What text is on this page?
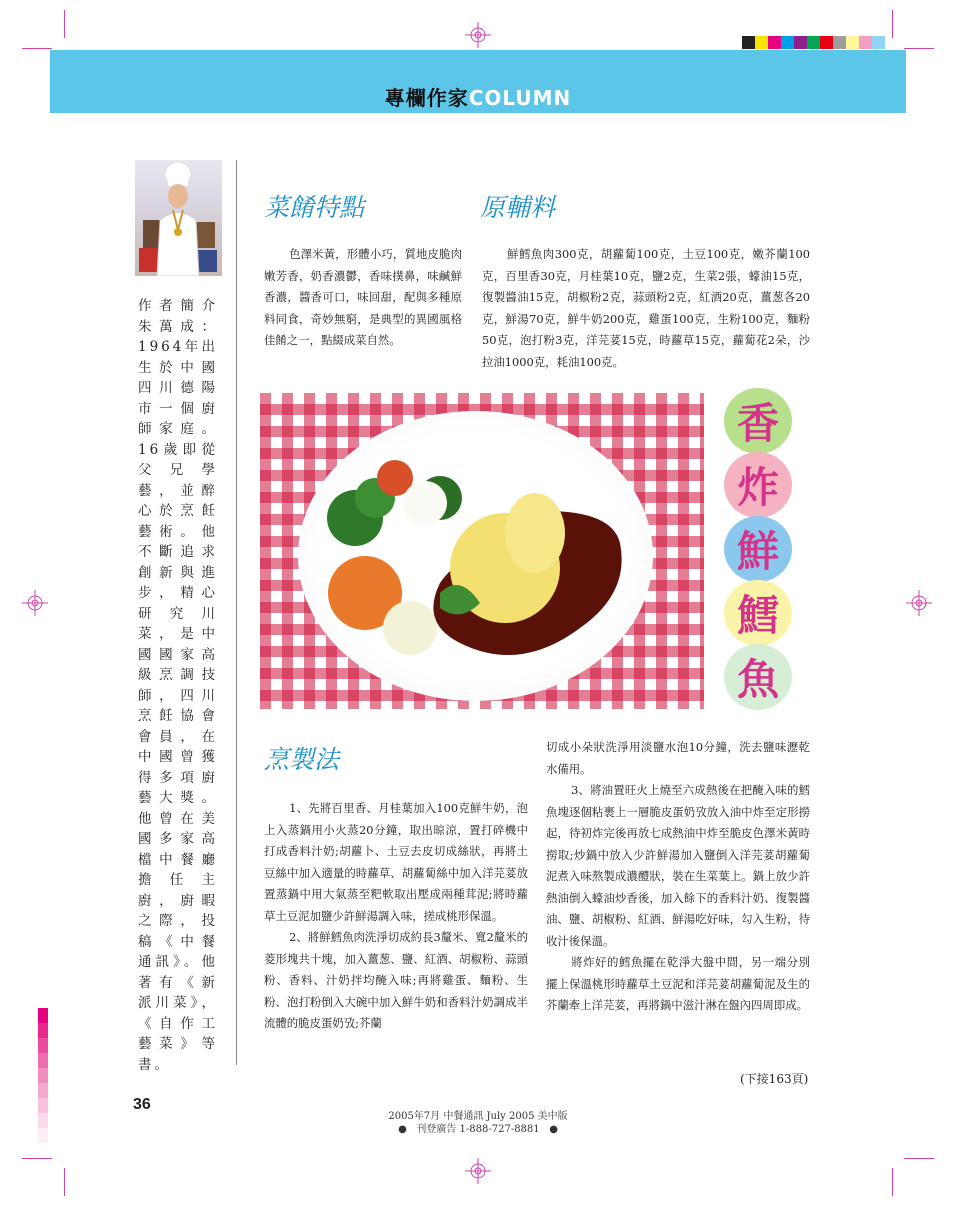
專欄作家COLUMN
作者簡介朱萬成：1964年出生於中國四川德陽市一個廚師家庭。16歲即從父兄學藝，並醉心於烹飪藝術。他不斷追求創新與進步，精心研究川菜，是中國國家高級烹調技師，四川烹飪協會會員，在中國曾獲得多項廚藝大獎。他曾在美國多家高檔中餐廳擔任主廚，廚暇之際，投稿《中餐通訊》。他著有《新派川菜》，《自作工藝菜》等書。
菜餚特點

色澤米黃，形體小巧，質地皮脆肉嫩芳香，奶香濃鬱，香味撲鼻，味鹹鮮香濃，醬香可口，味回甜，配與多種原料同食，奇妙無窮，是典型的異國風格佳餚之一，點綴成菜自然。

原輔料

鮮鱈魚肉300克，胡蘿蔔100克，土豆100克，嫩芥蘭100克，百里香30克，月桂葉10克，鹽2克，生菜2張，蠔油15克，復製醬油15克，胡椒粉2克，蒜頭粉2克，紅酒20克，薑葱各20克，鮮湯70克，鮮牛奶200克，雞蛋100克，生粉100克，麵粉50克，泡打粉3克，洋芫荽15克，時蘿草15克，蘿蔔花2朵，沙拉油1000克，耗油100克。

香
炸
鮮
鱈
魚
烹製法

1、先將百里香、月桂葉加入100克鮮牛奶，泡上入蒸鍋用小火蒸20分鐘，取出晾涼，置打碎機中打成香料汁奶;胡蘿卜、土豆去皮切成絲狀，再將土豆絲中加入適量的時蘿草、胡蘿蔔絲中加入洋芫荽放置蒸鍋中用大氣蒸至粑軟取出壓成兩種茸泥;將時蘿草土豆泥加鹽少許鮮湯調入味，搓成桃形保溫。

2、將鮮鱈魚肉洗淨切成約長3釐米、寬2釐米的菱形塊共十塊，加入薑葱、鹽、紅酒、胡椒粉、蒜頭粉、香料、汁奶拌均醃入味;再將雞蛋、麵粉、生粉、泡打粉倒入大碗中加入鮮牛奶和香料汁奶調成半流體的脆皮蛋奶攷;芥蘭

切成小朵狀洗淨用淡鹽水泡10分鐘，洗去鹽味瀝乾水備用。

3、將油置旺火上燒至六成熱後在把醃入味的鱈魚塊逐個粘裹上一層脆皮蛋奶攷放入油中炸至定形撈起，待初炸完後再放七成熱油中炸至脆皮色澤米黃時撈取;炒鍋中放入少許鮮湯加入鹽倒入洋芫荽胡蘿蔔泥煮入味熬製成濃醴狀，裝在生菜葉上。鍋上放少許熱油倒入蠔油炒香後，加入餘下的香料汁奶、復製醬油、鹽、胡椒粉、紅酒、鮮湯吃好味，勾入生粉，待收汁後保溫。

將炸好的鱈魚擺在乾淨大盤中間，另一端分別擺上保溫桃形時蘿草土豆泥和洋芫荽胡蘿蔔泥及生的芥蘭牽上洋芫荽，再將鍋中滋汁淋在盤內四周即成。

(下接163頁)
36
2005年7月 中餐通訊 July 2005 美中版
●   刊登廣告 1-888-727-8881   ●
